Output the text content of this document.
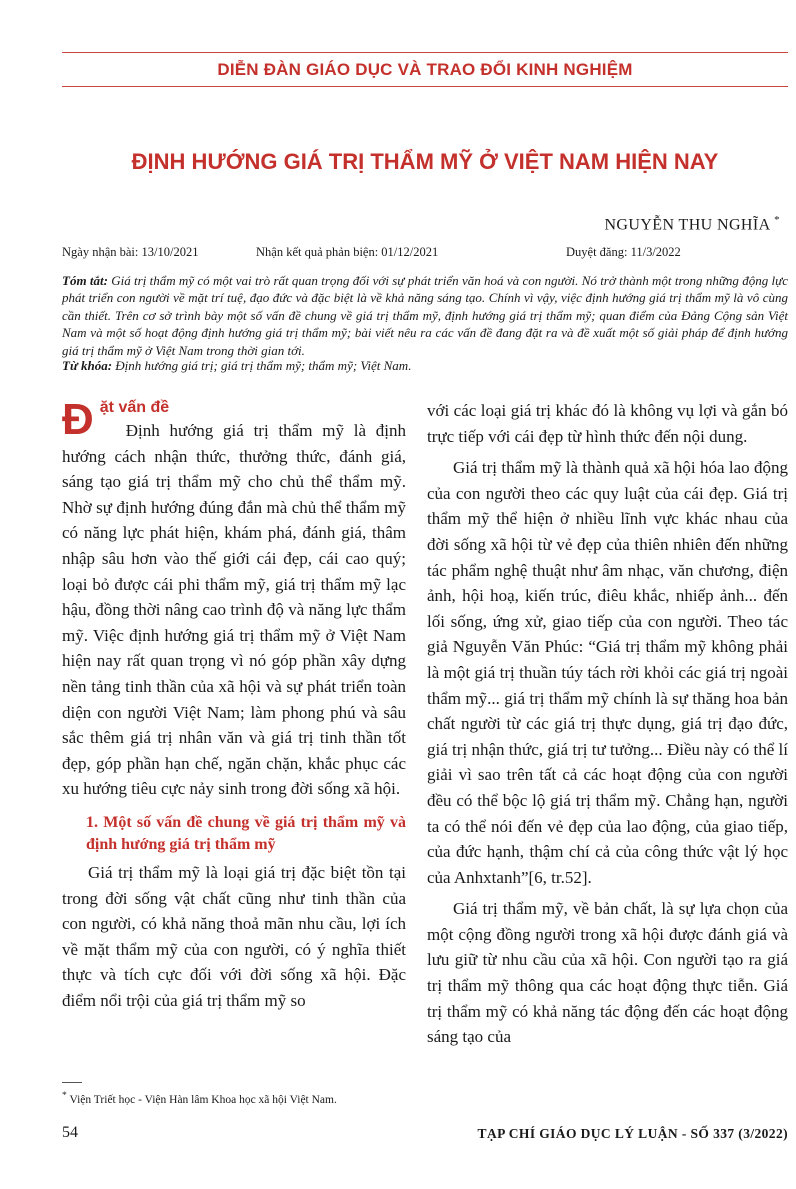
DIỄN ĐÀN GIÁO DỤC VÀ TRAO ĐỔI KINH NGHIỆM
ĐỊNH HƯỚNG GIÁ TRỊ THẨM MỸ Ở VIỆT NAM HIỆN NAY
NGUYỄN THU NGHĨA *
Ngày nhận bài: 13/10/2021	Nhận kết quả phản biện: 01/12/2021	Duyệt đăng: 11/3/2022
Tóm tắt: Giá trị thẩm mỹ có một vai trò rất quan trọng đối với sự phát triển văn hoá và con người. Nó trở thành một trong những động lực phát triển con người về mặt trí tuệ, đạo đức và đặc biệt là về khả năng sáng tạo. Chính vì vậy, việc định hướng giá trị thẩm mỹ là vô cùng cần thiết. Trên cơ sở trình bày một số vấn đề chung về giá trị thẩm mỹ, định hướng giá trị thẩm mỹ; quan điểm của Đảng Cộng sản Việt Nam và một số hoạt động định hướng giá trị thẩm mỹ; bài viết nêu ra các vấn đề đang đặt ra và đề xuất một số giải pháp để định hướng giá trị thẩm mỹ ở Việt Nam trong thời gian tới.
Từ khóa: Định hướng giá trị; giá trị thẩm mỹ; thẩm mỹ; Việt Nam.
Đ ặt vấn đề

Định hướng giá trị thẩm mỹ là định hướng cách nhận thức, thưởng thức, đánh giá, sáng tạo giá trị thẩm mỹ cho chủ thể thẩm mỹ. Nhờ sự định hướng đúng đắn mà chủ thể thẩm mỹ có năng lực phát hiện, khám phá, đánh giá, thâm nhập sâu hơn vào thế giới cái đẹp, cái cao quý; loại bỏ được cái phi thẩm mỹ, giá trị thẩm mỹ lạc hậu, đồng thời nâng cao trình độ và năng lực thẩm mỹ. Việc định hướng giá trị thẩm mỹ ở Việt Nam hiện nay rất quan trọng vì nó góp phần xây dựng nền tảng tinh thần của xã hội và sự phát triển toàn diện con người Việt Nam; làm phong phú và sâu sắc thêm giá trị nhân văn và giá trị tinh thần tốt đẹp, góp phần hạn chế, ngăn chặn, khắc phục các xu hướng tiêu cực nảy sinh trong đời sống xã hội.

1. Một số vấn đề chung về giá trị thẩm mỹ và định hướng giá trị thẩm mỹ

Giá trị thẩm mỹ là loại giá trị đặc biệt tồn tại trong đời sống vật chất cũng như tinh thần của con người, có khả năng thoả mãn nhu cầu, lợi ích về mặt thẩm mỹ của con người, có ý nghĩa thiết thực và tích cực đối với đời sống xã hội. Đặc điểm nổi trội của giá trị thẩm mỹ so

với các loại giá trị khác đó là không vụ lợi và gắn bó trực tiếp với cái đẹp từ hình thức đến nội dung.

Giá trị thẩm mỹ là thành quả xã hội hóa lao động của con người theo các quy luật của cái đẹp. Giá trị thẩm mỹ thể hiện ở nhiều lĩnh vực khác nhau của đời sống xã hội từ vẻ đẹp của thiên nhiên đến những tác phẩm nghệ thuật như âm nhạc, văn chương, điện ảnh, hội hoạ, kiến trúc, điêu khắc, nhiếp ảnh... đến lối sống, ứng xử, giao tiếp của con người. Theo tác giả Nguyễn Văn Phúc: “Giá trị thẩm mỹ không phải là một giá trị thuần túy tách rời khỏi các giá trị ngoài thẩm mỹ... giá trị thẩm mỹ chính là sự thăng hoa bản chất người từ các giá trị thực dụng, giá trị đạo đức, giá trị nhận thức, giá trị tư tưởng... Điều này có thể lí giải vì sao trên tất cả các hoạt động của con người đều có thể bộc lộ giá trị thẩm mỹ. Chẳng hạn, người ta có thể nói đến vẻ đẹp của lao động, của giao tiếp, của đức hạnh, thậm chí cả của công thức vật lý học của Anhxtanh”[6, tr.52].

Giá trị thẩm mỹ, về bản chất, là sự lựa chọn của một cộng đồng người trong xã hội được đánh giá và lưu giữ từ nhu cầu của xã hội. Con người tạo ra giá trị thẩm mỹ thông qua các hoạt động thực tiễn. Giá trị thẩm mỹ có khả năng tác động đến các hoạt động sáng tạo của

* Viện Triết học - Viện Hàn lâm Khoa học xã hội Việt Nam.
54	TẠP CHÍ GIÁO DỤC LÝ LUẬN - SỐ 337 (3/2022)
